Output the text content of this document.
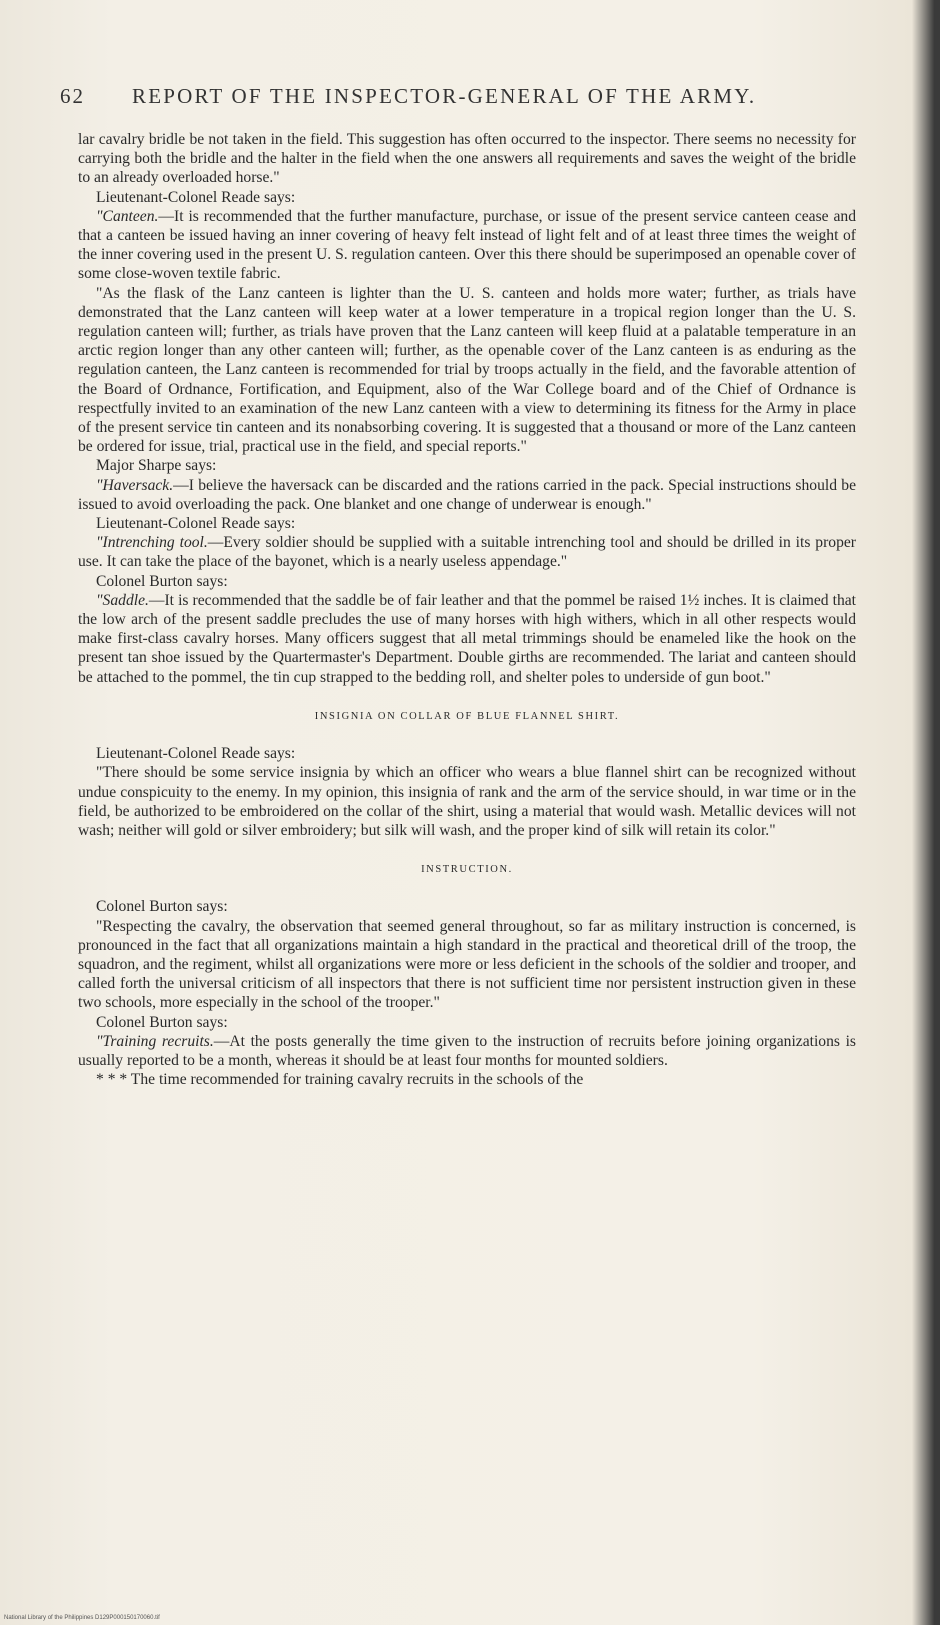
62 REPORT OF THE INSPECTOR-GENERAL OF THE ARMY.

lar cavalry bridle be not taken in the field. This suggestion has often occurred to the inspector. There seems no necessity for carrying both the bridle and the halter in the field when the one answers all requirements and saves the weight of the bridle to an already overloaded horse."

Lieutenant-Colonel Reade says:

"Canteen.—It is recommended that the further manufacture, purchase, or issue of the present service canteen cease and that a canteen be issued having an inner covering of heavy felt instead of light felt and of at least three times the weight of the inner covering used in the present U. S. regulation canteen. Over this there should be superimposed an openable cover of some close-woven textile fabric.

"As the flask of the Lanz canteen is lighter than the U. S. canteen and holds more water; further, as trials have demonstrated that the Lanz canteen will keep water at a lower temperature in a tropical region longer than the U. S. regulation canteen will; further, as trials have proven that the Lanz canteen will keep fluid at a palatable temperature in an arctic region longer than any other canteen will; further, as the openable cover of the Lanz canteen is as enduring as the regulation canteen, the Lanz canteen is recommended for trial by troops actually in the field, and the favorable attention of the Board of Ordnance, Fortification, and Equipment, also of the War College board and of the Chief of Ordnance is respectfully invited to an examination of the new Lanz canteen with a view to determining its fitness for the Army in place of the present service tin canteen and its nonabsorbing covering. It is suggested that a thousand or more of the Lanz canteen be ordered for issue, trial, practical use in the field, and special reports."

Major Sharpe says:

"Haversack.—I believe the haversack can be discarded and the rations carried in the pack. Special instructions should be issued to avoid overloading the pack. One blanket and one change of underwear is enough."

Lieutenant-Colonel Reade says:

"Intrenching tool.—Every soldier should be supplied with a suitable intrenching tool and should be drilled in its proper use. It can take the place of the bayonet, which is a nearly useless appendage."

Colonel Burton says:

"Saddle.—It is recommended that the saddle be of fair leather and that the pommel be raised 1½ inches. It is claimed that the low arch of the present saddle precludes the use of many horses with high withers, which in all other respects would make first-class cavalry horses. Many officers suggest that all metal trimmings should be enameled like the hook on the present tan shoe issued by the Quartermaster's Department. Double girths are recommended. The lariat and canteen should be attached to the pommel, the tin cup strapped to the bedding roll, and shelter poles to underside of gun boot."

INSIGNIA ON COLLAR OF BLUE FLANNEL SHIRT.

Lieutenant-Colonel Reade says:

"There should be some service insignia by which an officer who wears a blue flannel shirt can be recognized without undue conspicuity to the enemy. In my opinion, this insignia of rank and the arm of the service should, in war time or in the field, be authorized to be embroidered on the collar of the shirt, using a material that would wash. Metallic devices will not wash; neither will gold or silver embroidery; but silk will wash, and the proper kind of silk will retain its color."

INSTRUCTION.

Colonel Burton says:

"Respecting the cavalry, the observation that seemed general throughout, so far as military instruction is concerned, is pronounced in the fact that all organizations maintain a high standard in the practical and theoretical drill of the troop, the squadron, and the regiment, whilst all organizations were more or less deficient in the schools of the soldier and trooper, and called forth the universal criticism of all inspectors that there is not sufficient time nor persistent instruction given in these two schools, more especially in the school of the trooper."

Colonel Burton says:

"Training recruits.—At the posts generally the time given to the instruction of recruits before joining organizations is usually reported to be a month, whereas it should be at least four months for mounted soldiers.

* * * The time recommended for training cavalry recruits in the schools of the

National Library of the Philippines D129P000150170060.tif
